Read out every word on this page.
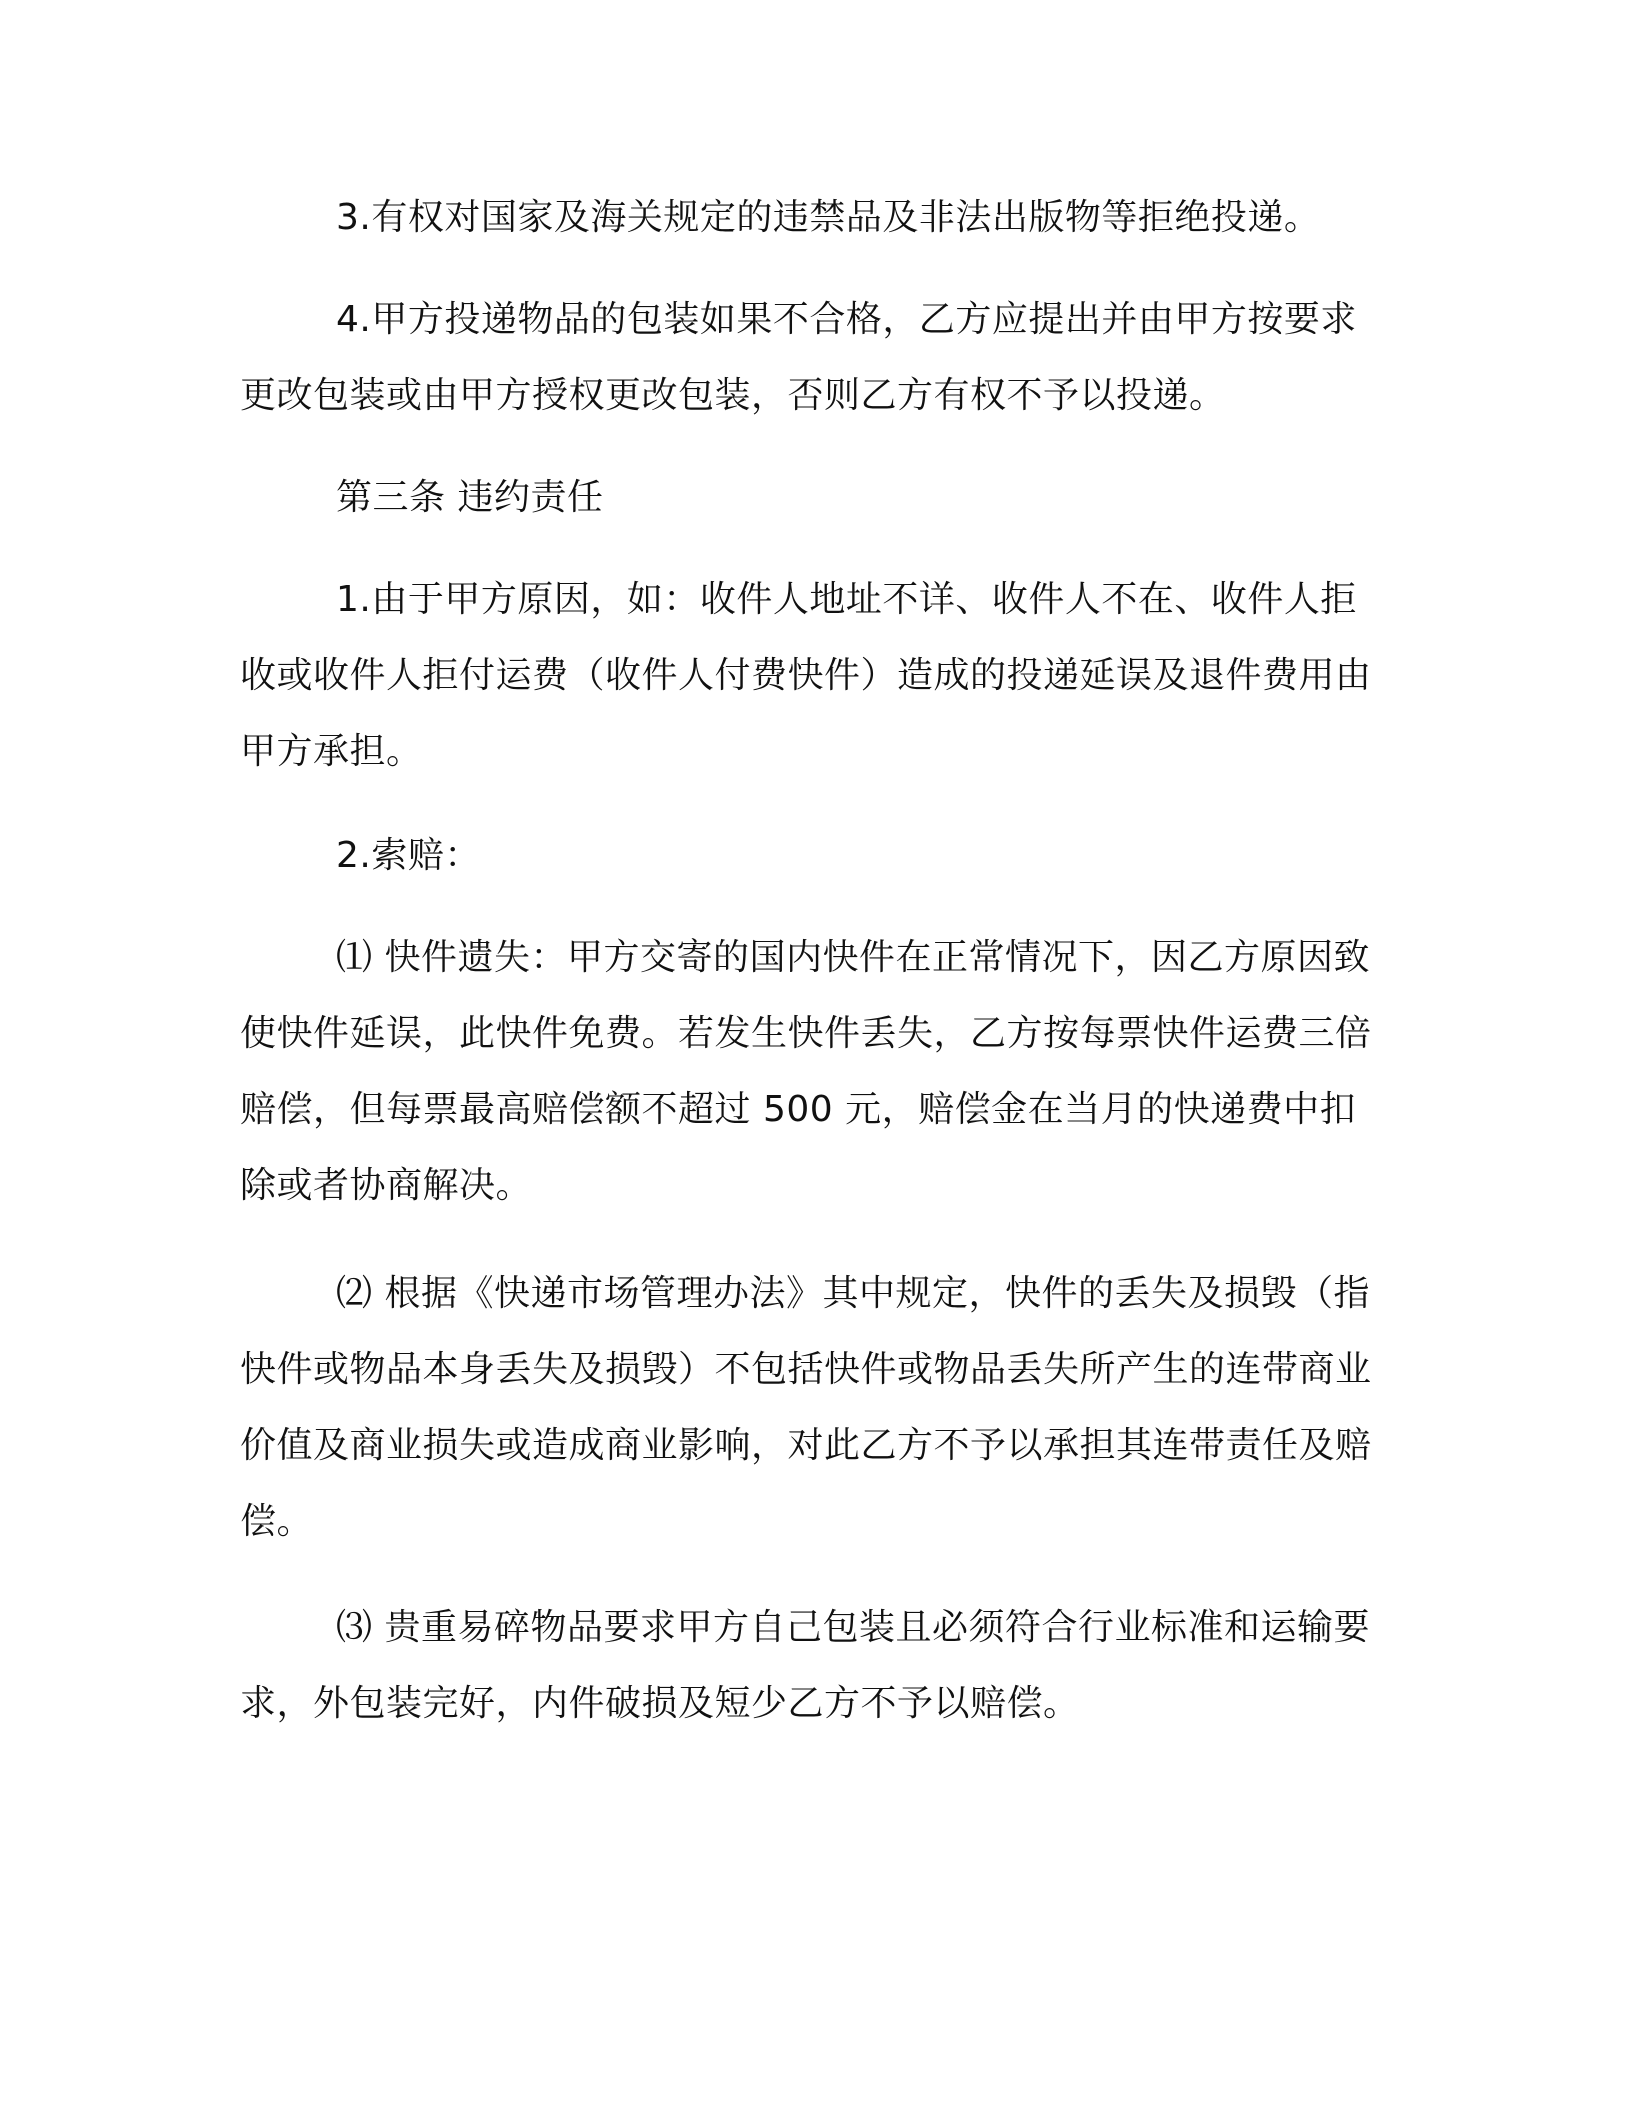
3.有权对国家及海关规定的违禁品及非法出版物等拒绝投递。

4.甲方投递物品的包装如果不合格，乙方应提出并由甲方按要求更改包装或由甲方授权更改包装，否则乙方有权不予以投递。

第三条 违约责任

1.由于甲方原因，如：收件人地址不详、收件人不在、收件人拒收或收件人拒付运费（收件人付费快件）造成的投递延误及退件费用由甲方承担。

2.索赔：

⑴ 快件遗失：甲方交寄的国内快件在正常情况下，因乙方原因致使快件延误，此快件免费。若发生快件丢失，乙方按每票快件运费三倍赔偿，但每票最高赔偿额不超过 500 元，赔偿金在当月的快递费中扣除或者协商解决。

⑵ 根据《快递市场管理办法》其中规定，快件的丢失及损毁（指快件或物品本身丢失及损毁）不包括快件或物品丢失所产生的连带商业价值及商业损失或造成商业影响，对此乙方不予以承担其连带责任及赔偿。

⑶ 贵重易碎物品要求甲方自己包装且必须符合行业标准和运输要求，外包装完好，内件破损及短少乙方不予以赔偿。
